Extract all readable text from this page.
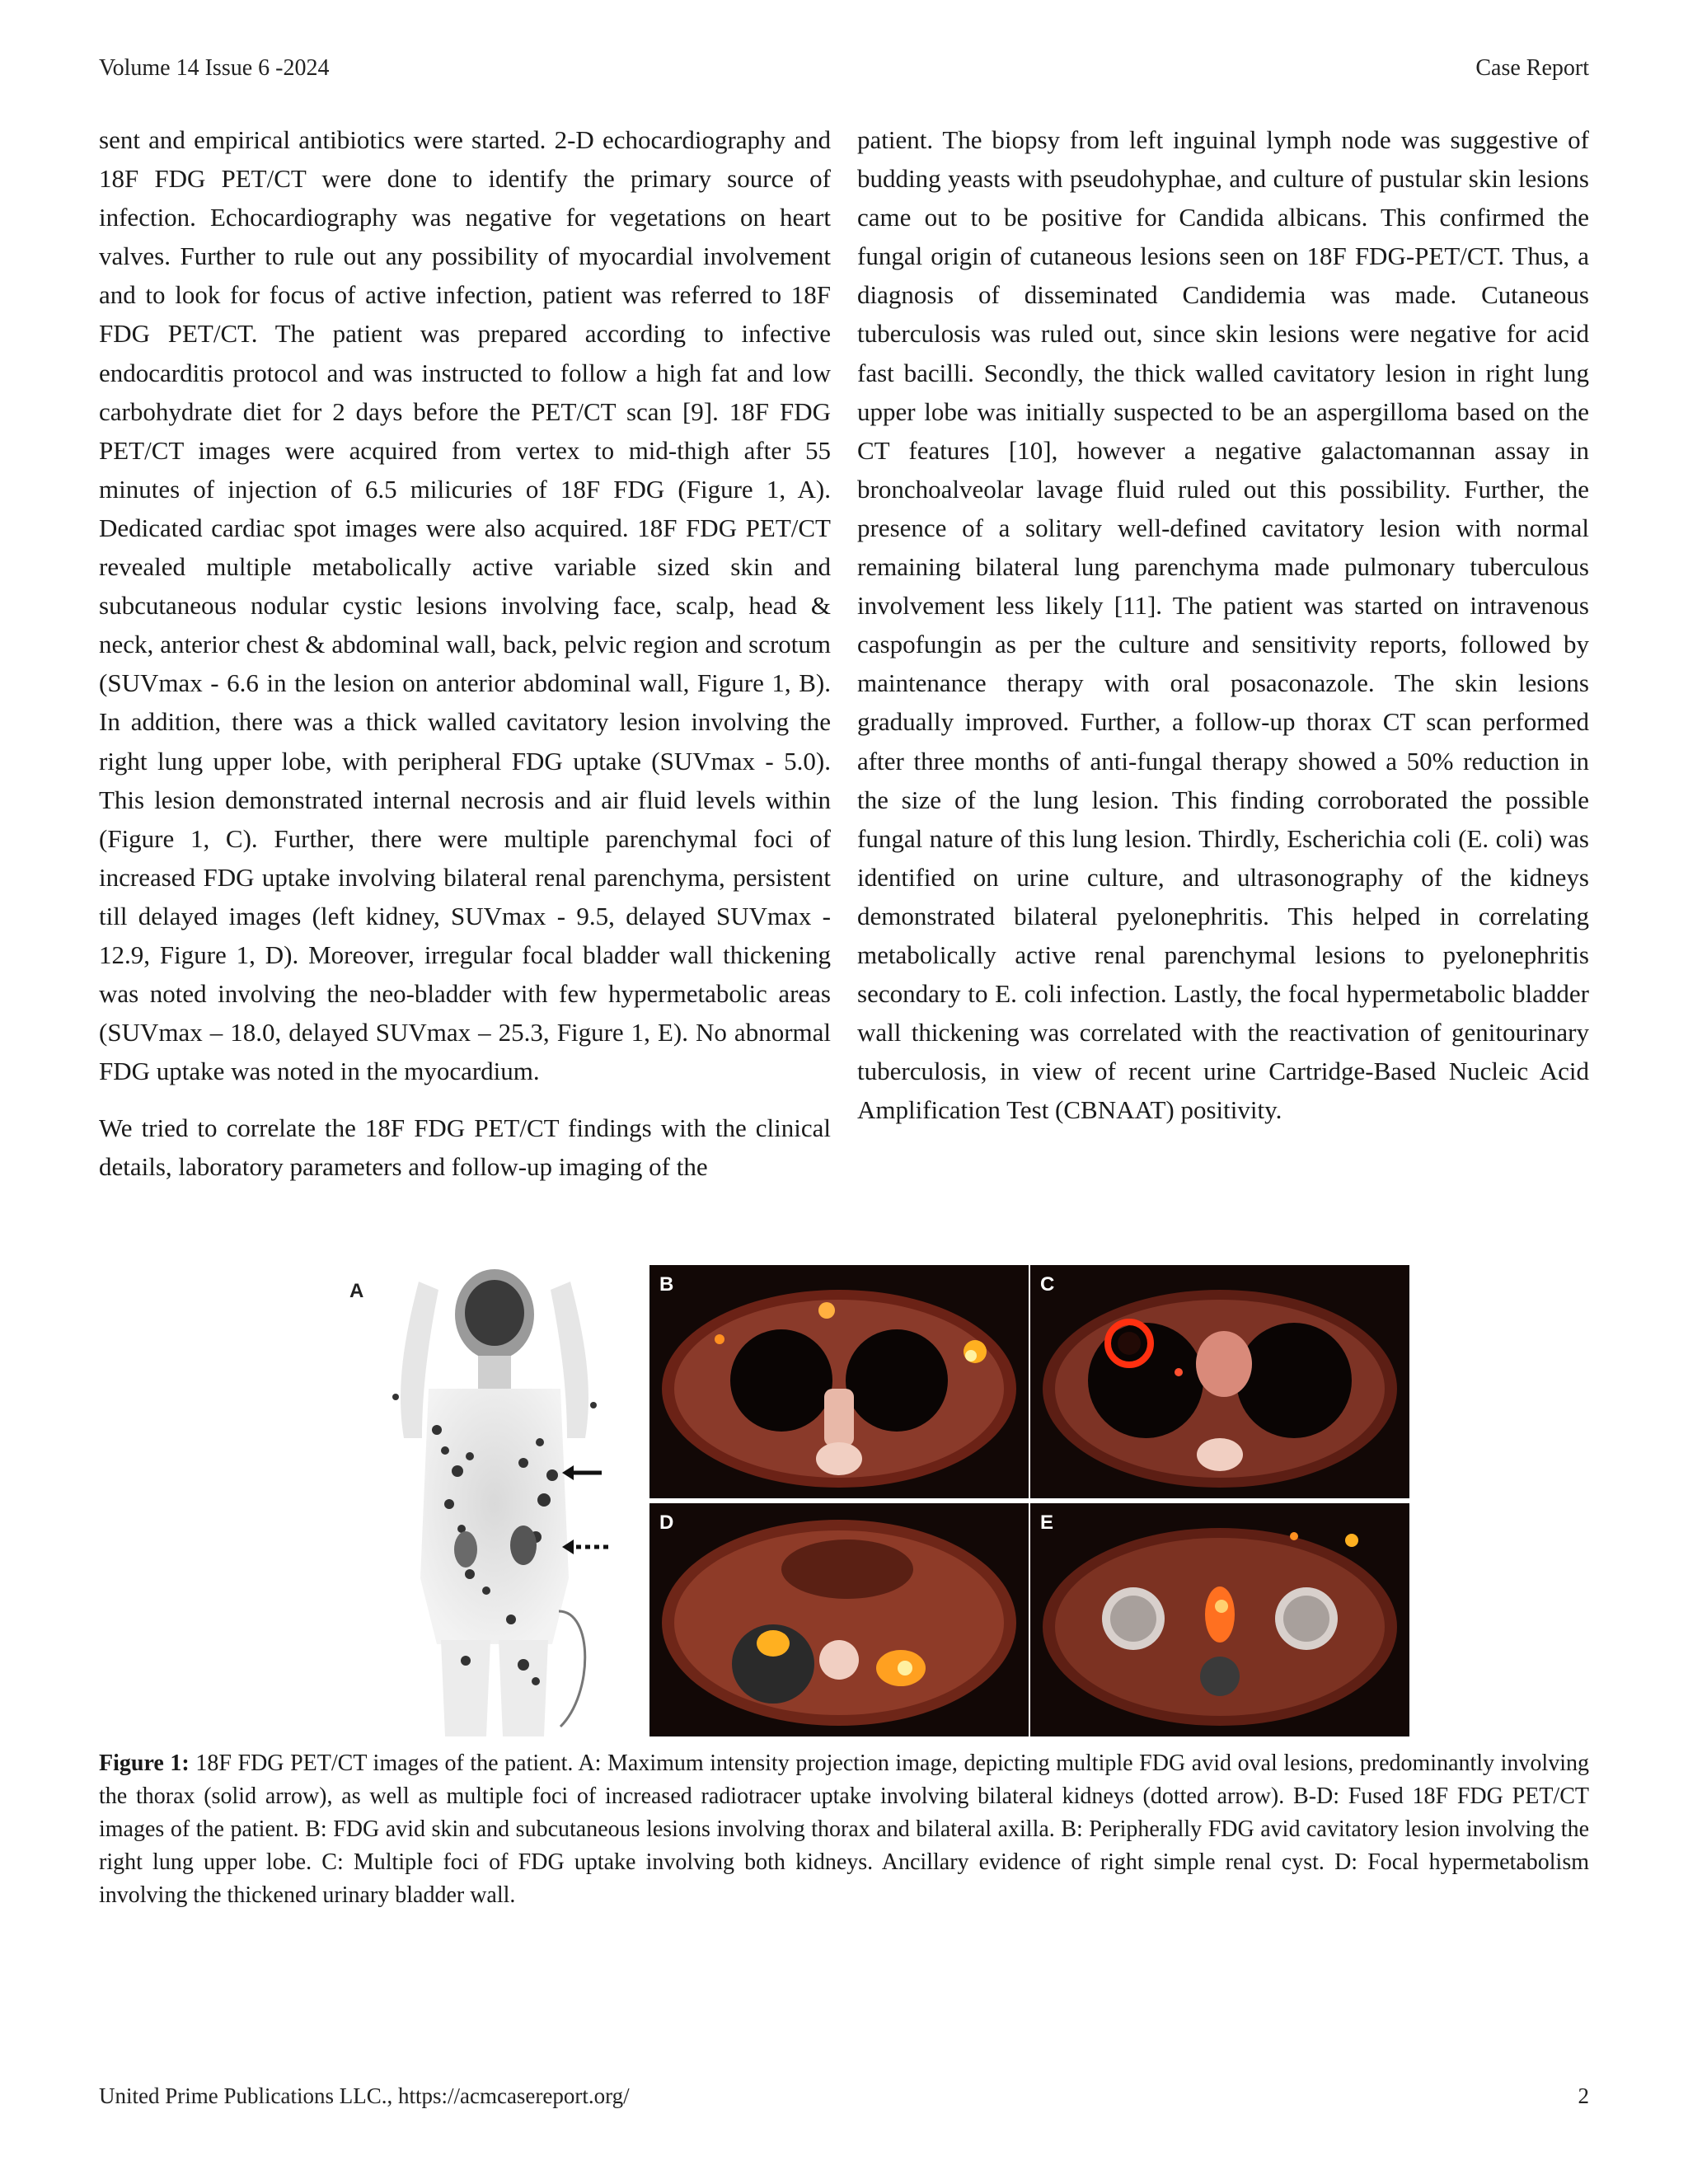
Volume 14 Issue 6 -2024	Case Report

sent and empirical antibiotics were started. 2-D echocardiography and 18F FDG PET/CT were done to identify the primary source of infection. Echocardiography was negative for vegetations on heart valves. Further to rule out any possibility of myocardial involvement and to look for focus of active infection, patient was referred to 18F FDG PET/CT. The patient was prepared according to infective endocarditis protocol and was instructed to follow a high fat and low carbohydrate diet for 2 days before the PET/CT scan [9]. 18F FDG PET/CT images were acquired from vertex to mid-thigh after 55 minutes of injection of 6.5 milicuries of 18F FDG (Figure 1, A). Dedicated cardiac spot images were also acquired. 18F FDG PET/CT revealed multiple metabolically active variable sized skin and subcutaneous nodular cystic lesions involving face, scalp, head & neck, anterior chest & abdominal wall, back, pelvic region and scrotum (SUVmax - 6.6 in the lesion on anterior abdominal wall, Figure 1, B). In addition, there was a thick walled cavitatory lesion involving the right lung upper lobe, with peripheral FDG uptake (SUVmax - 5.0). This lesion demonstrated internal necrosis and air fluid levels within (Figure 1, C). Further, there were multiple parenchymal foci of increased FDG uptake involving bilateral renal parenchyma, persistent till delayed images (left kidney, SUVmax - 9.5, delayed SUVmax - 12.9, Figure 1, D). Moreover, irregular focal bladder wall thickening was noted involving the neo-bladder with few hypermetabolic areas (SUVmax – 18.0, delayed SUVmax – 25.3, Figure 1, E). No abnormal FDG uptake was noted in the myocardium.

We tried to correlate the 18F FDG PET/CT findings with the clinical details, laboratory parameters and follow-up imaging of the

patient. The biopsy from left inguinal lymph node was suggestive of budding yeasts with pseudohyphae, and culture of pustular skin lesions came out to be positive for Candida albicans. This confirmed the fungal origin of cutaneous lesions seen on 18F FDG-PET/CT. Thus, a diagnosis of disseminated Candidemia was made. Cutaneous tuberculosis was ruled out, since skin lesions were negative for acid fast bacilli. Secondly, the thick walled cavitatory lesion in right lung upper lobe was initially suspected to be an aspergilloma based on the CT features [10], however a negative galactomannan assay in bronchoalveolar lavage fluid ruled out this possibility. Further, the presence of a solitary well-defined cavitatory lesion with normal remaining bilateral lung parenchyma made pulmonary tuberculous involvement less likely [11]. The patient was started on intravenous caspofungin as per the culture and sensitivity reports, followed by maintenance therapy with oral posaconazole. The skin lesions gradually improved. Further, a follow-up thorax CT scan performed after three months of anti-fungal therapy showed a 50% reduction in the size of the lung lesion. This finding corroborated the possible fungal nature of this lung lesion. Thirdly, Escherichia coli (E. coli) was identified on urine culture, and ultrasonography of the kidneys demonstrated bilateral pyelonephritis. This helped in correlating metabolically active renal parenchymal lesions to pyelonephritis secondary to E. coli infection. Lastly, the focal hypermetabolic bladder wall thickening was correlated with the reactivation of genitourinary tuberculosis, in view of recent urine Cartridge-Based Nucleic Acid Amplification Test (CBNAAT) positivity.

A	B	C
D	E
Figure 1: 18F FDG PET/CT images of the patient. A: Maximum intensity projection image, depicting multiple FDG avid oval lesions, predominantly involving the thorax (solid arrow), as well as multiple foci of increased radiotracer uptake involving bilateral kidneys (dotted arrow). B-D: Fused 18F FDG PET/CT images of the patient. B: FDG avid skin and subcutaneous lesions involving thorax and bilateral axilla. B: Peripherally FDG avid cavitatory lesion involving the right lung upper lobe. C: Multiple foci of FDG uptake involving both kidneys. Ancillary evidence of right simple renal cyst. D: Focal hypermetabolism involving the thickened urinary bladder wall.
United Prime Publications LLC., https://acmcasereport.org/	2
